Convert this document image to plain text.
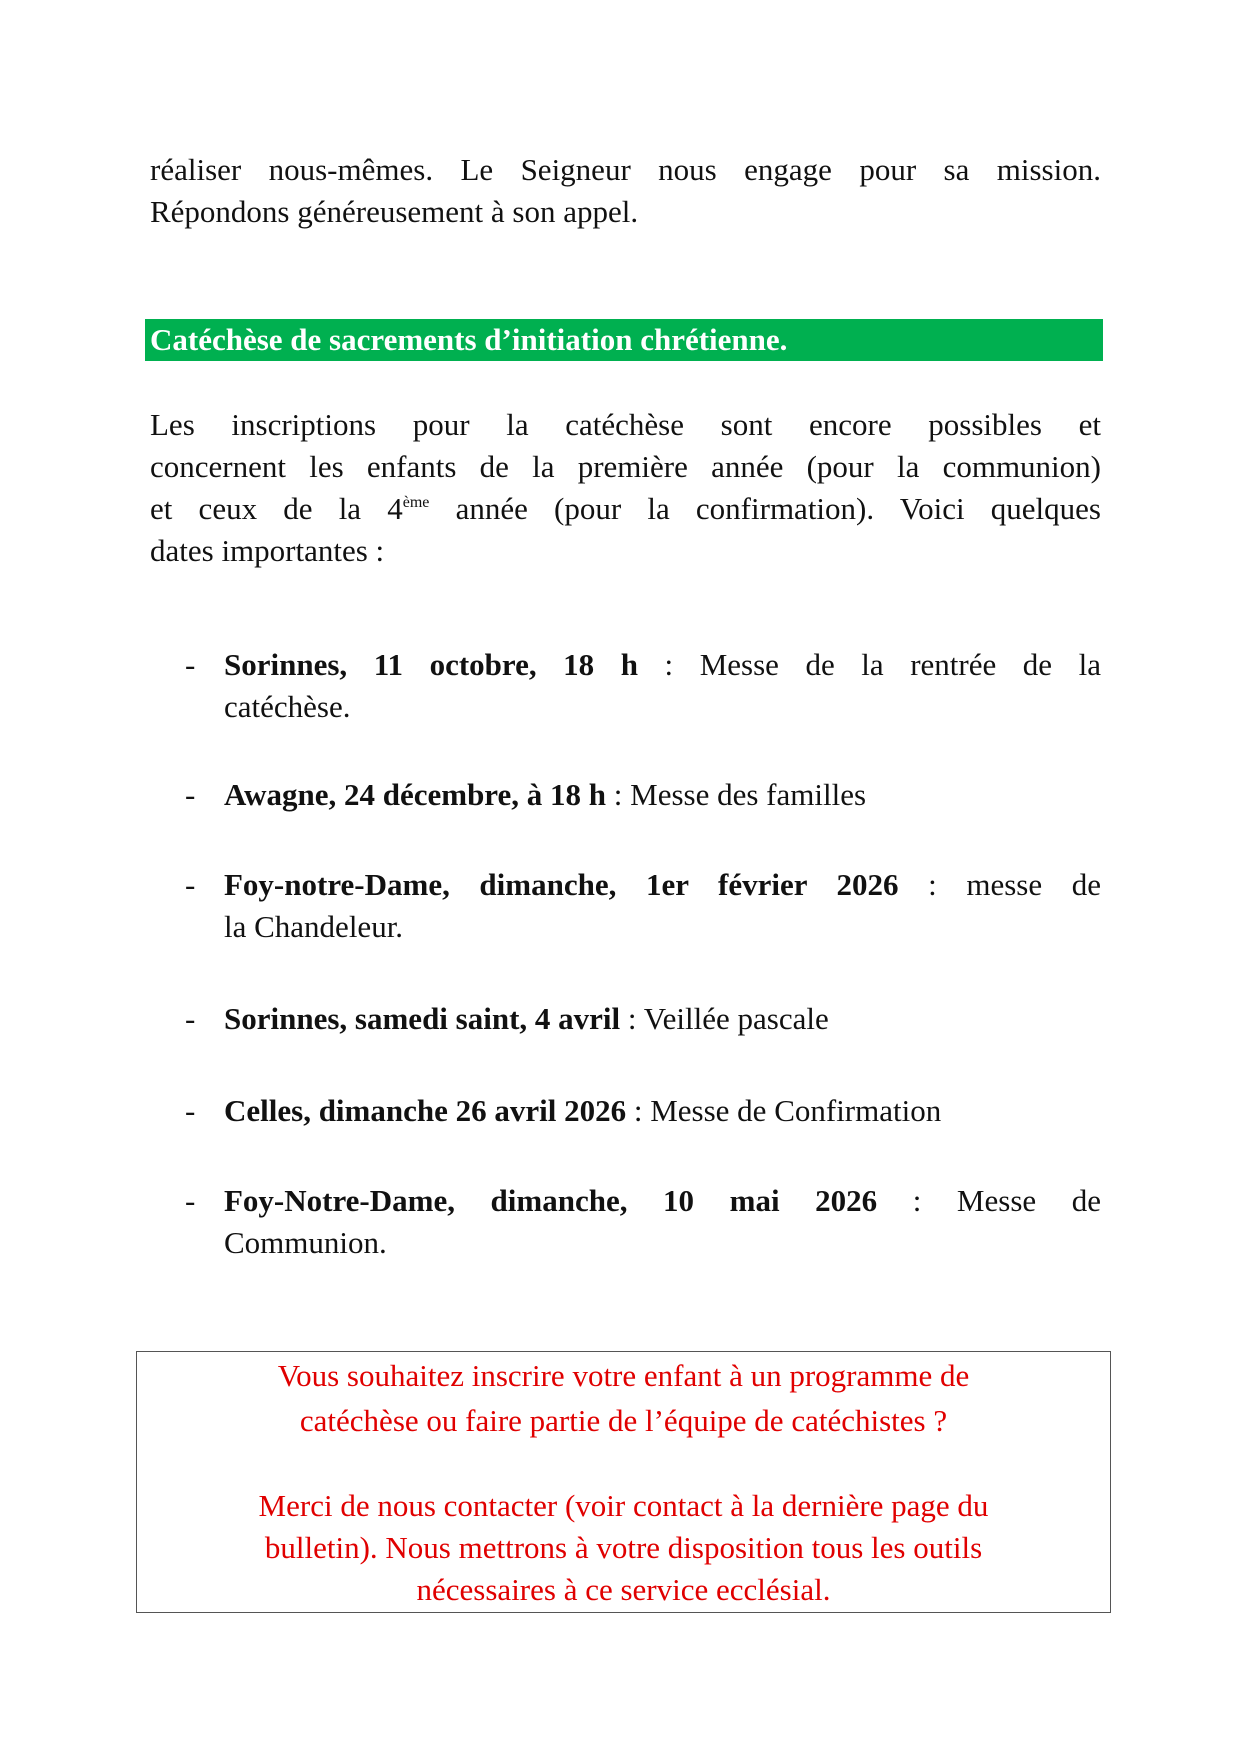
réaliser nous-mêmes. Le Seigneur nous engage pour sa mission.
Répondons généreusement à son appel.
Catéchèse de sacrements d’initiation chrétienne.
Les inscriptions pour la catéchèse sont encore possibles et
concernent les enfants de la première année (pour la communion)
et ceux de la 4ème année (pour la confirmation). Voici quelques
dates importantes :
- Sorinnes, 11 octobre, 18 h : Messe de la rentrée de la
catéchèse.
- Awagne, 24 décembre, à 18 h : Messe des familles
- Foy-notre-Dame, dimanche, 1er février 2026 : messe de
la Chandeleur.
- Sorinnes, samedi saint, 4 avril : Veillée pascale
- Celles, dimanche 26 avril 2026 : Messe de Confirmation
- Foy-Notre-Dame, dimanche, 10 mai 2026 : Messe de
Communion.
Vous souhaitez inscrire votre enfant à un programme de
catéchèse ou faire partie de l’équipe de catéchistes ?
Merci de nous contacter (voir contact à la dernière page du
bulletin). Nous mettrons à votre disposition tous les outils
nécessaires à ce service ecclésial.
